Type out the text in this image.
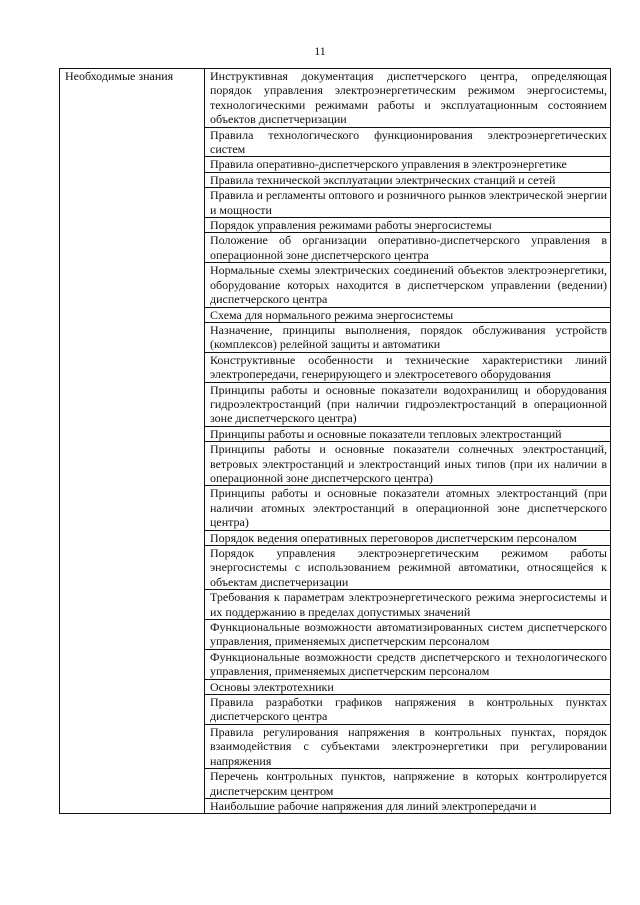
11
Необходимые знания	Инструктивная документация диспетчерского центра, определяющая порядок управления электроэнергетическим режимом энергосистемы, технологическими режимами работы и эксплуатационным состоянием объектов диспетчеризации
Правила технологического функционирования электроэнергетических систем
Правила оперативно-диспетчерского управления в электроэнергетике
Правила технической эксплуатации электрических станций и сетей
Правила и регламенты оптового и розничного рынков электрической энергии и мощности
Порядок управления режимами работы энергосистемы
Положение об организации оперативно-диспетчерского управления в операционной зоне диспетчерского центра
Нормальные схемы электрических соединений объектов электроэнергетики, оборудование которых находится в диспетчерском управлении (ведении) диспетчерского центра
Схема для нормального режима энергосистемы
Назначение, принципы выполнения, порядок обслуживания устройств (комплексов) релейной защиты и автоматики
Конструктивные особенности и технические характеристики линий электропередачи, генерирующего и электросетевого оборудования
Принципы работы и основные показатели водохранилищ и оборудования гидроэлектростанций (при наличии гидроэлектростанций в операционной зоне диспетчерского центра)
Принципы работы и основные показатели тепловых электростанций
Принципы работы и основные показатели солнечных электростанций, ветровых электростанций и электростанций иных типов (при их наличии в операционной зоне диспетчерского центра)
Принципы работы и основные показатели атомных электростанций (при наличии атомных электростанций в операционной зоне диспетчерского центра)
Порядок ведения оперативных переговоров диспетчерским персоналом
Порядок управления электроэнергетическим режимом работы энергосистемы с использованием режимной автоматики, относящейся к объектам диспетчеризации
Требования к параметрам электроэнергетического режима энергосистемы и их поддержанию в пределах допустимых значений
Функциональные возможности автоматизированных систем диспетчерского управления, применяемых диспетчерским персоналом
Функциональные возможности средств диспетчерского и технологического управления, применяемых диспетчерским персоналом
Основы электротехники
Правила разработки графиков напряжения в контрольных пунктах диспетчерского центра
Правила регулирования напряжения в контрольных пунктах, порядок взаимодействия с субъектами электроэнергетики при регулировании напряжения
Перечень контрольных пунктов, напряжение в которых контролируется диспетчерским центром
Наибольшие рабочие напряжения для линий электропередачи и
